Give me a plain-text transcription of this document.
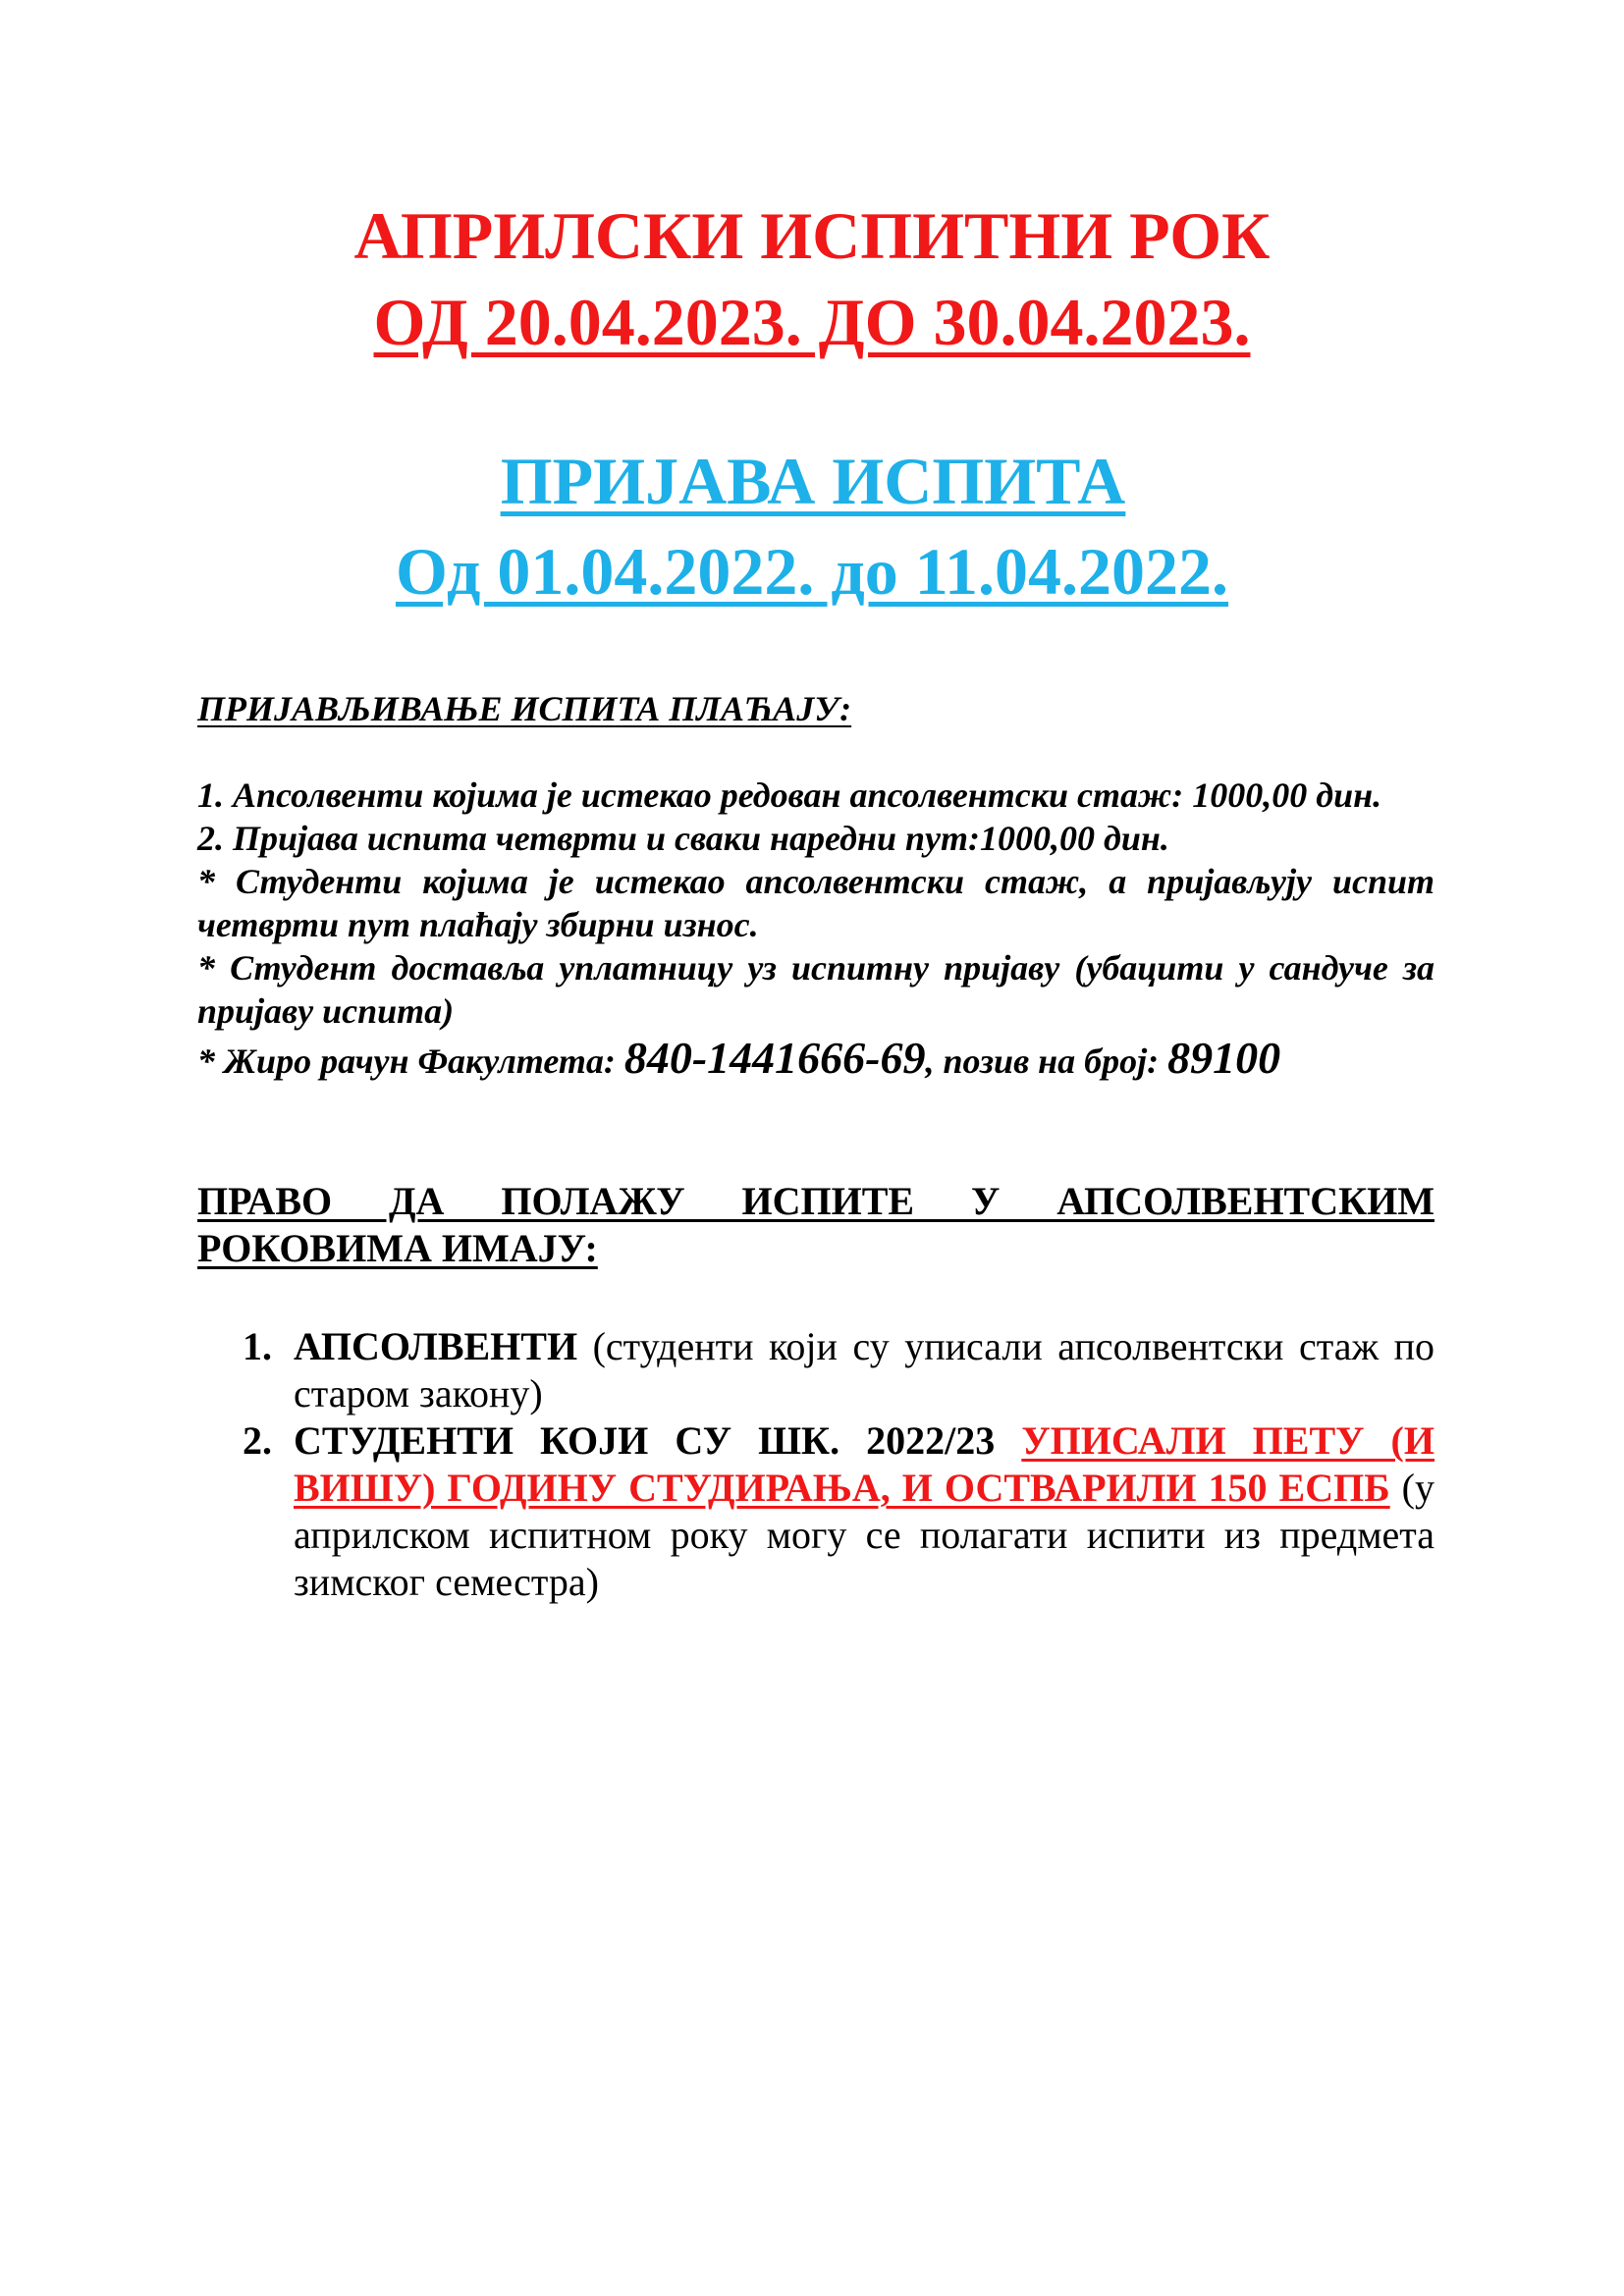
АПРИЛСКИ ИСПИТНИ РОК
ОД 20.04.2023. ДО 30.04.2023.
ПРИЈАВА ИСПИТА
Од 01.04.2022. до 11.04.2022.
ПРИЈАВЉИВАЊЕ ИСПИТА ПЛАЋАЈУ:
1. Апсолвенти којима је истекао редован апсолвентски стаж: 1000,00 дин.
2. Пријава испита четврти и сваки наредни пут:1000,00 дин.
* Студенти којима је истекао апсолвентски стаж, а пријављују испит четврти пут плаћају збирни износ.
* Студент доставља уплатницу уз испитну пријаву (убацити у сандуче за пријаву испита)
* Жиро рачун Факултета: 840-1441666-69, позив на број: 89100
ПРАВО ДА ПОЛАЖУ ИСПИТЕ У АПСОЛВЕНТСКИМ РОКОВИМА ИМАЈУ:
1. АПСОЛВЕНТИ (студенти који су уписали апсолвентски стаж по старом закону)
2. СТУДЕНТИ КОЈИ СУ ШК. 2022/23 УПИСАЛИ ПЕТУ (И ВИШУ) ГОДИНУ СТУДИРАЊА, И ОСТВАРИЛИ 150 ЕСПБ (у априлском испитном року могу се полагати испити из предмета зимског семестра)
